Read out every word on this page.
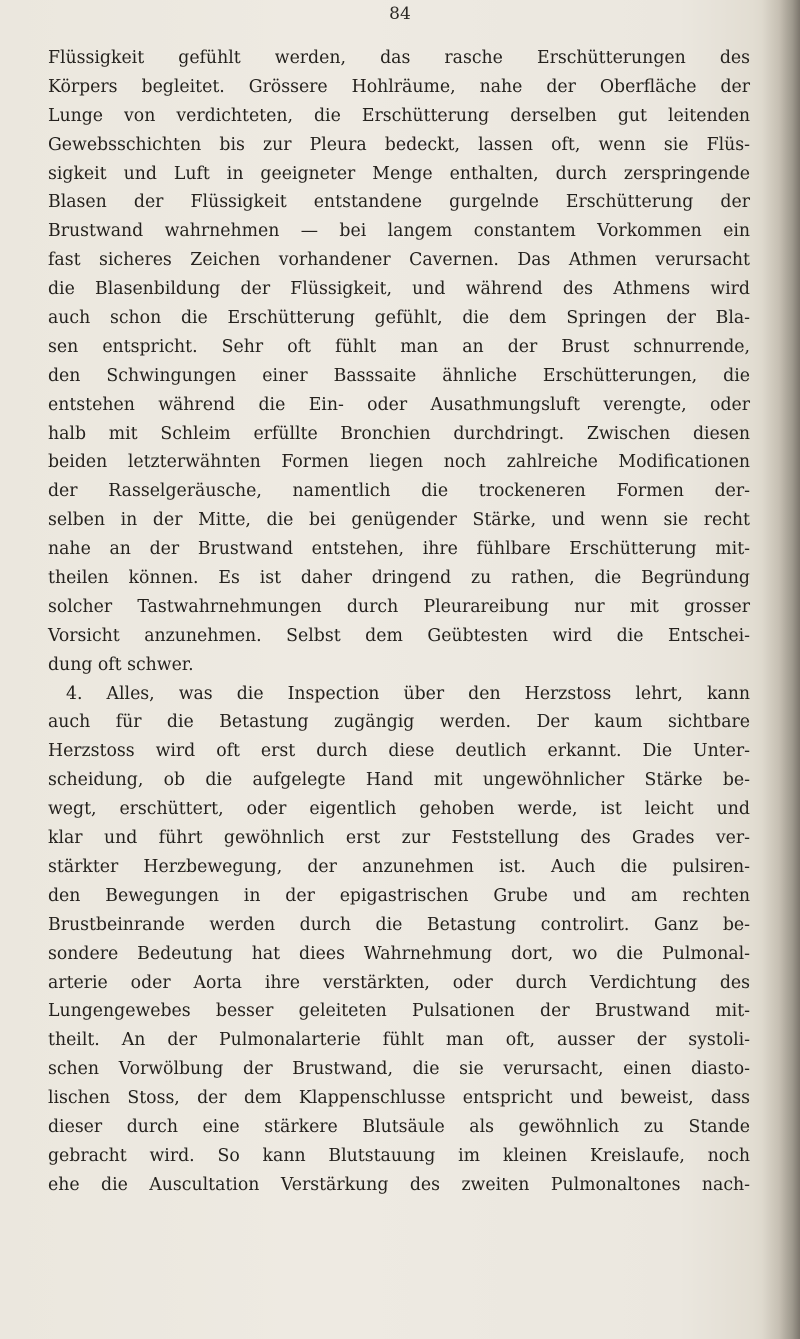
84
Flüssigkeit gefühlt werden, das rasche Erschütterungen des
Körpers begleitet. Grössere Hohlräume, nahe der Oberfläche der
Lunge von verdichteten, die Erschütterung derselben gut leitenden
Gewebsschichten bis zur Pleura bedeckt, lassen oft, wenn sie Flüs-
sigkeit und Luft in geeigneter Menge enthalten, durch zerspringende
Blasen der Flüssigkeit entstandene gurgelnde Erschütterung der
Brustwand wahrnehmen — bei langem constantem Vorkommen ein
fast sicheres Zeichen vorhandener Cavernen. Das Athmen verursacht
die Blasenbildung der Flüssigkeit, und während des Athmens wird
auch schon die Erschütterung gefühlt, die dem Springen der Bla-
sen entspricht. Sehr oft fühlt man an der Brust schnurrende,
den Schwingungen einer Basssaite ähnliche Erschütterungen, die
entstehen während die Ein- oder Ausathmungsluft verengte, oder
halb mit Schleim erfüllte Bronchien durchdringt. Zwischen diesen
beiden letzterwähnten Formen liegen noch zahlreiche Modificationen
der Rasselgeräusche, namentlich die trockeneren Formen der-
selben in der Mitte, die bei genügender Stärke, und wenn sie recht
nahe an der Brustwand entstehen, ihre fühlbare Erschütterung mit-
theilen können. Es ist daher dringend zu rathen, die Begründung
solcher Tastwahrnehmungen durch Pleurareibung nur mit grosser
Vorsicht anzunehmen. Selbst dem Geübtesten wird die Entschei-
dung oft schwer.
4. Alles, was die Inspection über den Herzstoss lehrt, kann
auch für die Betastung zugängig werden. Der kaum sichtbare
Herzstoss wird oft erst durch diese deutlich erkannt. Die Unter-
scheidung, ob die aufgelegte Hand mit ungewöhnlicher Stärke be-
wegt, erschüttert, oder eigentlich gehoben werde, ist leicht und
klar und führt gewöhnlich erst zur Feststellung des Grades ver-
stärkter Herzbewegung, der anzunehmen ist. Auch die pulsiren-
den Bewegungen in der epigastrischen Grube und am rechten
Brustbeinrande werden durch die Betastung controlirt. Ganz be-
sondere Bedeutung hat diees Wahrnehmung dort, wo die Pulmonal-
arterie oder Aorta ihre verstärkten, oder durch Verdichtung des
Lungengewebes besser geleiteten Pulsationen der Brustwand mit-
theilt. An der Pulmonalarterie fühlt man oft, ausser der systoli-
schen Vorwölbung der Brustwand, die sie verursacht, einen diasto-
lischen Stoss, der dem Klappenschlusse entspricht und beweist, dass
dieser durch eine stärkere Blutsäule als gewöhnlich zu Stande
gebracht wird. So kann Blutstauung im kleinen Kreislaufe, noch
ehe die Auscultation Verstärkung des zweiten Pulmonaltones nach-
